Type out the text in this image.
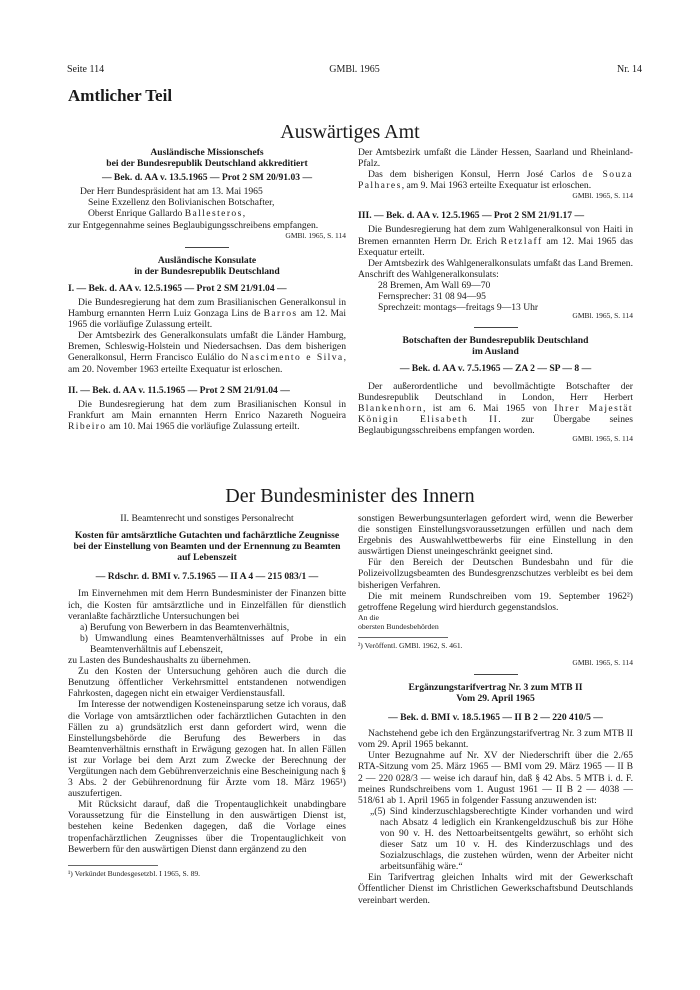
Seite 114	GMBl. 1965	Nr. 14
Amtlicher Teil
Auswärtiges Amt
Ausländische Missionschefs
bei der Bundesrepublik Deutschland akkreditiert
— Bek. d. AA v. 13.5.1965 — Prot 2 SM 20/91.03 —

Der Herr Bundespräsident hat am 13. Mai 1965

Seine Exzellenz den Bolivianischen Botschafter,

Oberst Enrique Gallardo Ballesteros,

zur Entgegennahme seines Beglaubigungsschreibens empfangen.

GMBl. 1965, S. 114
Ausländische Konsulate
in der Bundesrepublik Deutschland
I. — Bek. d. AA v. 12.5.1965 — Prot 2 SM 21/91.04 —

Die Bundesregierung hat dem zum Brasilianischen Generalkonsul in Hamburg ernannten Herrn Luiz Gonzaga Lins de Barros am 12. Mai 1965 die vorläufige Zulassung erteilt.

Der Amtsbezirk des Generalkonsulats umfaßt die Länder Hamburg, Bremen, Schleswig-Holstein und Niedersachsen. Das dem bisherigen Generalkonsul, Herrn Francisco Eulálio do Nascimento e Silva, am 20. November 1963 erteilte Exequatur ist erloschen.

II. — Bek. d. AA v. 11.5.1965 — Prot 2 SM 21/91.04 —

Die Bundesregierung hat dem zum Brasilianischen Konsul in Frankfurt am Main ernannten Herrn Enrico Nazareth Nogueira Ribeiro am 10. Mai 1965 die vorläufige Zulassung erteilt.

Der Amtsbezirk umfaßt die Länder Hessen, Saarland und Rheinland-Pfalz.

Das dem bisherigen Konsul, Herrn José Carlos de Souza Palhares, am 9. Mai 1963 erteilte Exequatur ist erloschen.

GMBl. 1965, S. 114
III. — Bek. d. AA v. 12.5.1965 — Prot 2 SM 21/91.17 —

Die Bundesregierung hat dem zum Wahlgeneralkonsul von Haiti in Bremen ernannten Herrn Dr. Erich Retzlaff am 12. Mai 1965 das Exequatur erteilt.

Der Amtsbezirk des Wahlgeneralkonsulats umfaßt das Land Bremen. Anschrift des Wahlgeneralkonsulats:

28 Bremen, Am Wall 69—70

Fernsprecher: 31 08 94—95

Sprechzeit: montags—freitags 9—13 Uhr

GMBl. 1965, S. 114
Botschaften der Bundesrepublik Deutschland
im Ausland
— Bek. d. AA v. 7.5.1965 — ZA 2 — SP — 8 —

Der außerordentliche und bevollmächtigte Botschafter der Bundesrepublik Deutschland in London, Herr Herbert Blankenhorn, ist am 6. Mai 1965 von Ihrer Majestät Königin Elisabeth II. zur Übergabe seines Beglaubigungsschreibens empfangen worden.

GMBl. 1965, S. 114
Der Bundesminister des Innern
II. Beamtenrecht und sonstiges Personalrecht
Kosten für amtsärztliche Gutachten und fachärztliche Zeugnisse bei der Einstellung von Beamten und der Ernennung zu Beamten auf Lebenszeit
— Rdschr. d. BMI v. 7.5.1965 — II A 4 — 215 083/1 —

Im Einvernehmen mit dem Herrn Bundesminister der Finanzen bitte ich, die Kosten für amtsärztliche und in Einzelfällen für dienstlich veranlaßte fachärztliche Untersuchungen bei

a) Berufung von Bewerbern in das Beamtenverhältnis,

b) Umwandlung eines Beamtenverhältnisses auf Probe in ein Beamtenverhältnis auf Lebenszeit,

zu Lasten des Bundeshaushalts zu übernehmen.

Zu den Kosten der Untersuchung gehören auch die durch die Benutzung öffentlicher Verkehrsmittel entstandenen notwendigen Fahrkosten, dagegen nicht ein etwaiger Verdienstausfall.

Im Interesse der notwendigen Kosteneinsparung setze ich voraus, daß die Vorlage von amtsärztlichen oder fachärztlichen Gutachten in den Fällen zu a) grundsätzlich erst dann gefordert wird, wenn die Einstellungsbehörde die Berufung des Bewerbers in das Beamtenverhältnis ernsthaft in Erwägung gezogen hat. In allen Fällen ist zur Vorlage bei dem Arzt zum Zwecke der Berechnung der Vergütungen nach dem Gebührenverzeichnis eine Bescheinigung nach § 3 Abs. 2 der Gebührenordnung für Ärzte vom 18. März 1965¹) auszufertigen.

Mit Rücksicht darauf, daß die Tropentauglichkeit unabdingbare Voraussetzung für die Einstellung in den auswärtigen Dienst ist, bestehen keine Bedenken dagegen, daß die Vorlage eines tropenfachärztlichen Zeugnisses über die Tropentauglichkeit von Bewerbern für den auswärtigen Dienst dann ergänzend zu den

¹) Verkündet Bundesgesetzbl. I 1965, S. 89.

sonstigen Bewerbungsunterlagen gefordert wird, wenn die Bewerber die sonstigen Einstellungsvoraussetzungen erfüllen und nach dem Ergebnis des Auswahlwettbewerbs für eine Einstellung in den auswärtigen Dienst uneingeschränkt geeignet sind.

Für den Bereich der Deutschen Bundesbahn und für die Polizeivollzugsbeamten des Bundesgrenzschutzes verbleibt es bei dem bisherigen Verfahren.

Die mit meinem Rundschreiben vom 19. September 1962²) getroffene Regelung wird hierdurch gegenstandslos.

An die

obersten Bundesbehörden

²) Veröffentl. GMBl. 1962, S. 461.

GMBl. 1965, S. 114
Ergänzungstarifvertrag Nr. 3 zum MTB II
Vom 29. April 1965
— Bek. d. BMI v. 18.5.1965 — II B 2 — 220 410/5 —

Nachstehend gebe ich den Ergänzungstarifvertrag Nr. 3 zum MTB II vom 29. April 1965 bekannt.

Unter Bezugnahme auf Nr. XV der Niederschrift über die 2./65 RTA-Sitzung vom 25. März 1965 — BMI vom 29. März 1965 — II B 2 — 220 028/3 — weise ich darauf hin, daß § 42 Abs. 5 MTB i. d. F. meines Rundschreibens vom 1. August 1961 — II B 2 — 4038 — 518/61 ab 1. April 1965 in folgender Fassung anzuwenden ist:

„(5) Sind kinderzuschlagsberechtigte Kinder vorhanden und wird nach Absatz 4 lediglich ein Krankengeldzuschuß bis zur Höhe von 90 v. H. des Nettoarbeitsentgelts gewährt, so erhöht sich dieser Satz um 10 v. H. des Kinderzuschlags und des Sozialzuschlags, die zustehen würden, wenn der Arbeiter nicht arbeitsunfähig wäre.“

Ein Tarifvertrag gleichen Inhalts wird mit der Gewerkschaft Öffentlicher Dienst im Christlichen Gewerkschaftsbund Deutschlands vereinbart werden.
